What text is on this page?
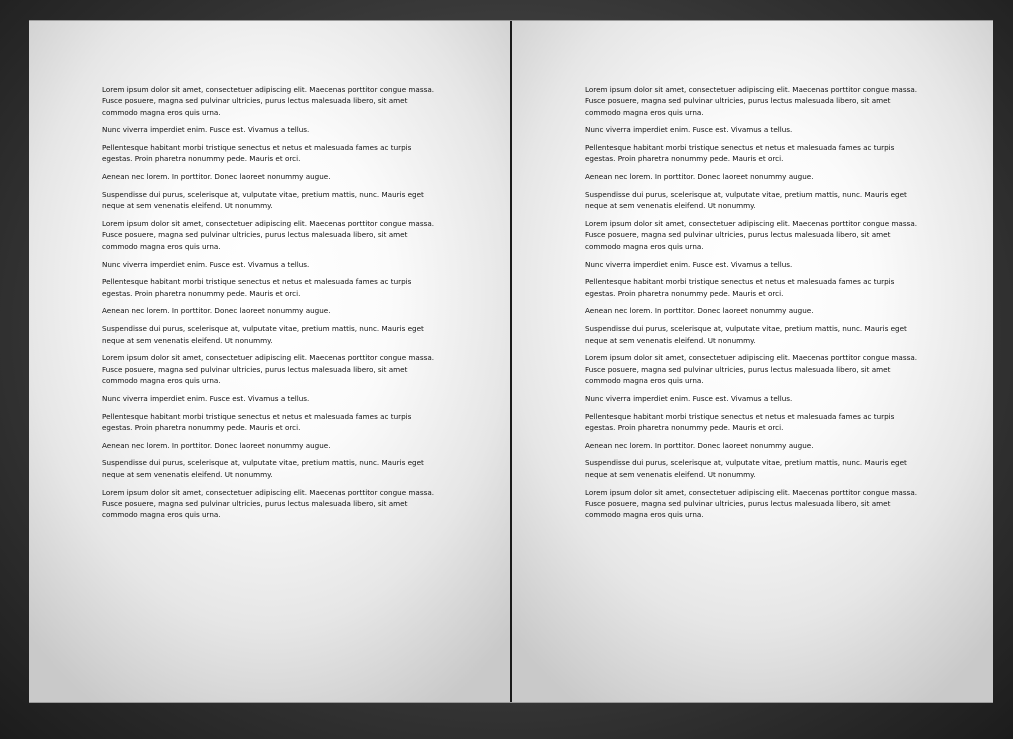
Lorem ipsum dolor sit amet, consectetuer adipiscing elit. Maecenas porttitor congue massa. Fusce posuere, magna sed pulvinar ultricies, purus lectus malesuada libero, sit amet commodo magna eros quis urna.

Nunc viverra imperdiet enim. Fusce est. Vivamus a tellus.

Pellentesque habitant morbi tristique senectus et netus et malesuada fames ac turpis egestas. Proin pharetra nonummy pede. Mauris et orci.

Aenean nec lorem. In porttitor. Donec laoreet nonummy augue.

Suspendisse dui purus, scelerisque at, vulputate vitae, pretium mattis, nunc. Mauris eget neque at sem venenatis eleifend. Ut nonummy.

Lorem ipsum dolor sit amet, consectetuer adipiscing elit. Maecenas porttitor congue massa. Fusce posuere, magna sed pulvinar ultricies, purus lectus malesuada libero, sit amet commodo magna eros quis urna.

Nunc viverra imperdiet enim. Fusce est. Vivamus a tellus.

Pellentesque habitant morbi tristique senectus et netus et malesuada fames ac turpis egestas. Proin pharetra nonummy pede. Mauris et orci.

Aenean nec lorem. In porttitor. Donec laoreet nonummy augue.

Suspendisse dui purus, scelerisque at, vulputate vitae, pretium mattis, nunc. Mauris eget neque at sem venenatis eleifend. Ut nonummy.

Lorem ipsum dolor sit amet, consectetuer adipiscing elit. Maecenas porttitor congue massa. Fusce posuere, magna sed pulvinar ultricies, purus lectus malesuada libero, sit amet commodo magna eros quis urna.

Nunc viverra imperdiet enim. Fusce est. Vivamus a tellus.

Pellentesque habitant morbi tristique senectus et netus et malesuada fames ac turpis egestas. Proin pharetra nonummy pede. Mauris et orci.

Aenean nec lorem. In porttitor. Donec laoreet nonummy augue.

Suspendisse dui purus, scelerisque at, vulputate vitae, pretium mattis, nunc. Mauris eget neque at sem venenatis eleifend. Ut nonummy.

Lorem ipsum dolor sit amet, consectetuer adipiscing elit. Maecenas porttitor congue massa. Fusce posuere, magna sed pulvinar ultricies, purus lectus malesuada libero, sit amet commodo magna eros quis urna.

Lorem ipsum dolor sit amet, consectetuer adipiscing elit. Maecenas porttitor congue massa. Fusce posuere, magna sed pulvinar ultricies, purus lectus malesuada libero, sit amet commodo magna eros quis urna.

Nunc viverra imperdiet enim. Fusce est. Vivamus a tellus.

Pellentesque habitant morbi tristique senectus et netus et malesuada fames ac turpis egestas. Proin pharetra nonummy pede. Mauris et orci.

Aenean nec lorem. In porttitor. Donec laoreet nonummy augue.

Suspendisse dui purus, scelerisque at, vulputate vitae, pretium mattis, nunc. Mauris eget neque at sem venenatis eleifend. Ut nonummy.

Lorem ipsum dolor sit amet, consectetuer adipiscing elit. Maecenas porttitor congue massa. Fusce posuere, magna sed pulvinar ultricies, purus lectus malesuada libero, sit amet commodo magna eros quis urna.

Nunc viverra imperdiet enim. Fusce est. Vivamus a tellus.

Pellentesque habitant morbi tristique senectus et netus et malesuada fames ac turpis egestas. Proin pharetra nonummy pede. Mauris et orci.

Aenean nec lorem. In porttitor. Donec laoreet nonummy augue.

Suspendisse dui purus, scelerisque at, vulputate vitae, pretium mattis, nunc. Mauris eget neque at sem venenatis eleifend. Ut nonummy.

Lorem ipsum dolor sit amet, consectetuer adipiscing elit. Maecenas porttitor congue massa. Fusce posuere, magna sed pulvinar ultricies, purus lectus malesuada libero, sit amet commodo magna eros quis urna.

Nunc viverra imperdiet enim. Fusce est. Vivamus a tellus.

Pellentesque habitant morbi tristique senectus et netus et malesuada fames ac turpis egestas. Proin pharetra nonummy pede. Mauris et orci.

Aenean nec lorem. In porttitor. Donec laoreet nonummy augue.

Suspendisse dui purus, scelerisque at, vulputate vitae, pretium mattis, nunc. Mauris eget neque at sem venenatis eleifend. Ut nonummy.

Lorem ipsum dolor sit amet, consectetuer adipiscing elit. Maecenas porttitor congue massa. Fusce posuere, magna sed pulvinar ultricies, purus lectus malesuada libero, sit amet commodo magna eros quis urna.
